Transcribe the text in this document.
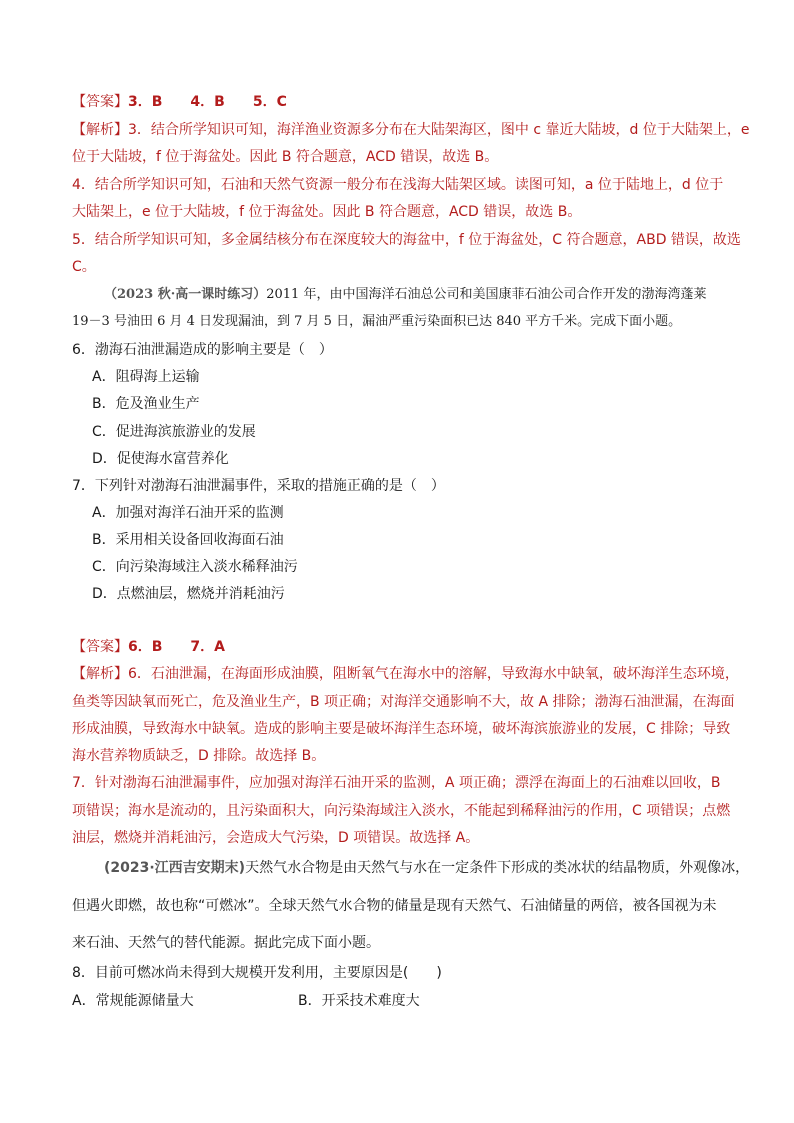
【答案】3．B　　4．B　　5．C
【解析】3．结合所学知识可知，海洋渔业资源多分布在大陆架海区，图中 c 靠近大陆坡，d 位于大陆架上，e
位于大陆坡，f 位于海盆处。因此 B 符合题意，ACD 错误，故选 B。
4．结合所学知识可知，石油和天然气资源一般分布在浅海大陆架区域。读图可知，a 位于陆地上，d 位于
大陆架上，e 位于大陆坡，f 位于海盆处。因此 B 符合题意，ACD 错误，故选 B。
5．结合所学知识可知，多金属结核分布在深度较大的海盆中，f 位于海盆处，C 符合题意，ABD 错误，故选
C。
（2023 秋·高一课时练习）2011 年，由中国海洋石油总公司和美国康菲石油公司合作开发的渤海湾蓬莱
19－3 号油田 6 月 4 日发现漏油，到 7 月 5 日，漏油严重污染面积已达 840 平方千米。完成下面小题。
6．渤海石油泄漏造成的影响主要是（　）
A．阻碍海上运输
B．危及渔业生产
C．促进海滨旅游业的发展
D．促使海水富营养化
7．下列针对渤海石油泄漏事件，采取的措施正确的是（　）
A．加强对海洋石油开采的监测
B．采用相关设备回收海面石油
C．向污染海域注入淡水稀释油污
D．点燃油层，燃烧并消耗油污
【答案】6．B　　7．A
【解析】6．石油泄漏，在海面形成油膜，阻断氧气在海水中的溶解，导致海水中缺氧，破坏海洋生态环境，
鱼类等因缺氧而死亡，危及渔业生产，B 项正确；对海洋交通影响不大，故 A 排除；渤海石油泄漏，在海面
形成油膜，导致海水中缺氧。造成的影响主要是破坏海洋生态环境，破坏海滨旅游业的发展，C 排除；导致
海水营养物质缺乏，D 排除。故选择 B。
7．针对渤海石油泄漏事件，应加强对海洋石油开采的监测，A 项正确；漂浮在海面上的石油难以回收，B
项错误；海水是流动的，且污染面积大，向污染海域注入淡水，不能起到稀释油污的作用，C 项错误；点燃
油层，燃烧并消耗油污，会造成大气污染，D 项错误。故选择 A。
(2023·江西吉安期末)天然气水合物是由天然气与水在一定条件下形成的类冰状的结晶物质，外观像冰，
但遇火即燃，故也称“可燃冰”。全球天然气水合物的储量是现有天然气、石油储量的两倍，被各国视为未
来石油、天然气的替代能源。据此完成下面小题。
8．目前可燃冰尚未得到大规模开发利用，主要原因是(　　)
A．常规能源储量大	B．开采技术难度大
